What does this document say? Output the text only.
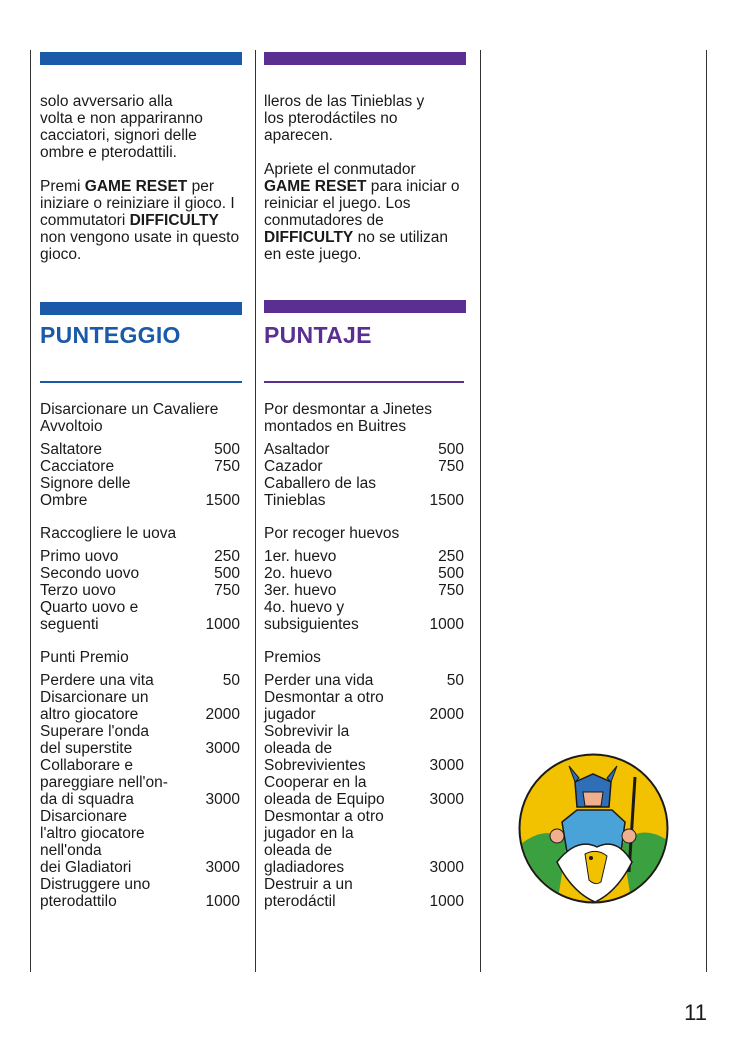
solo avversario alla
volta e non appariranno
cacciatori, signori delle
ombre e pterodattili.

Premi GAME RESET per iniziare o reiniziare il gioco. I commutatori DIFFICULTY non vengono usate in questo gioco.

PUNTEGGIO
Disarcionare un Cavaliere Avvoltoio
Saltatore	500
Cacciatore	750
Signore delle
Ombre	1500
Raccogliere le uova
Primo uovo	250
Secondo uovo	500
Terzo uovo	750
Quarto uovo e
seguenti	1000
Punti Premio
Perdere una vita	50
Disarcionare un
altro giocatore	2000
Superare l'onda
del superstite	3000
Collaborare e
pareggiare nell'on-
da di squadra	3000
Disarcionare
l'altro giocatore
nell'onda
dei Gladiatori	3000
Distruggere uno
pterodattilo	1000
lleros de las Tinieblas y
los pterodáctiles no
aparecen.

Apriete el conmutador GAME RESET para iniciar o reiniciar el juego. Los conmutadores de DIFFICULTY no se utilizan en este juego.

PUNTAJE
Por desmontar a Jinetes montados en Buitres
Asaltador	500
Cazador	750
Caballero de las
Tinieblas	1500
Por recoger huevos
1er. huevo	250
2o. huevo	500
3er. huevo	750
4o. huevo y
subsiguientes	1000
Premios
Perder una vida	50
Desmontar a otro
jugador	2000
Sobrevivir la
oleada de
Sobrevivientes	3000
Cooperar en la
oleada de Equipo	3000
Desmontar a otro
jugador en la
oleada de
gladiadores	3000
Destruir a un
pterodáctil	1000
11
